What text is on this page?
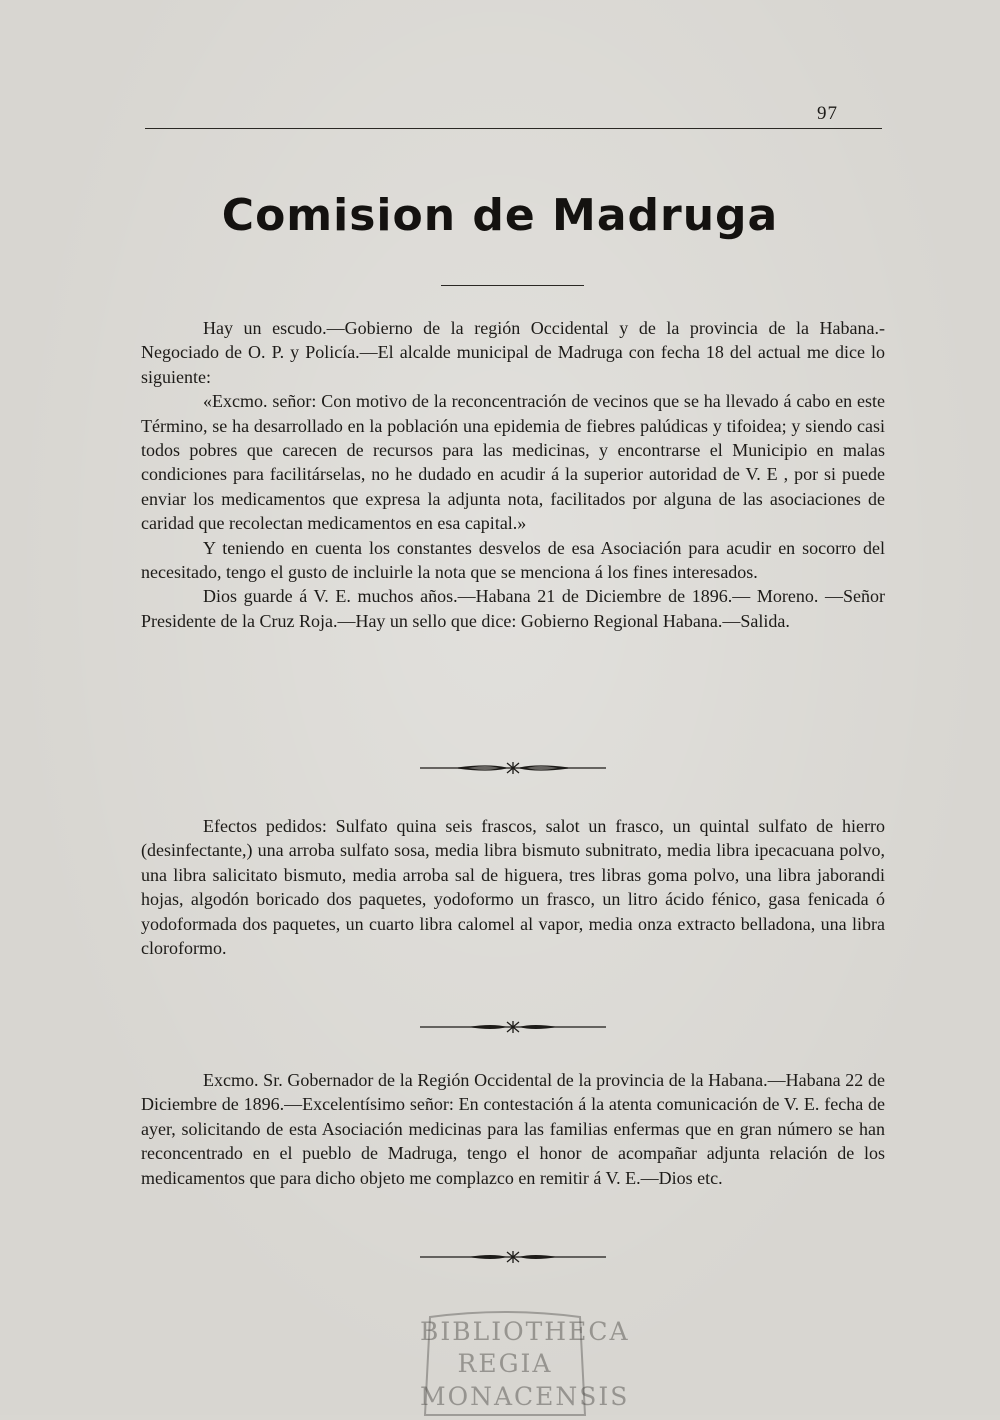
97
Comision de Madruga

Hay un escudo.—Gobierno de la región Occidental y de la provincia de la Habana.- Negociado de O. P. y Policía.—El alcalde municipal de Madruga con fecha 18 del actual me dice lo siguiente:

«Excmo. señor: Con motivo de la reconcentración de vecinos que se ha llevado á cabo en este Término, se ha desarrollado en la población una epidemia de fiebres palúdicas y tifoidea; y siendo casi todos pobres que carecen de recursos para las medicinas, y encontrarse el Municipio en malas condiciones para facilitárselas, no he dudado en acudir á la superior autoridad de V. E , por si puede enviar los medicamentos que expresa la adjunta nota, facilitados por alguna de las asociaciones de caridad que recolectan medicamentos en esa capital.»

Y teniendo en cuenta los constantes desvelos de esa Asociación para acudir en socorro del necesitado, tengo el gusto de incluirle la nota que se menciona á los fines interesados.

Dios guarde á V. E. muchos años.—Habana 21 de Diciembre de 1896.— Moreno. —Señor Presidente de la Cruz Roja.—Hay un sello que dice: Gobierno Regional Habana.—Salida.

Efectos pedidos: Sulfato quina seis frascos, salot un frasco, un quintal sulfato de hierro (desinfectante,) una arroba sulfato sosa, media libra bismuto subnitrato, media libra ipecacuana polvo, una libra salicitato bismuto, media arroba sal de higuera, tres libras goma polvo, una libra jaborandi hojas, algodón boricado dos paquetes, yodoformo un frasco, un litro ácido fénico, gasa fenicada ó yodoformada dos paquetes, un cuarto libra calomel al vapor, media onza extracto belladona, una libra cloroformo.

Excmo. Sr. Gobernador de la Región Occidental de la provincia de la Habana.—Habana 22 de Diciembre de 1896.—Excelentísimo señor: En contestación á la atenta comunicación de V. E. fecha de ayer, solicitando de esta Asociación medicinas para las familias enfermas que en gran número se han reconcentrado en el pueblo de Madruga, tengo el honor de acompañar adjunta relación de los medicamentos que para dicho objeto me complazco en remitir á V. E.—Dios etc.

BIBLIOTHECA
REGIA
MONACENSIS
